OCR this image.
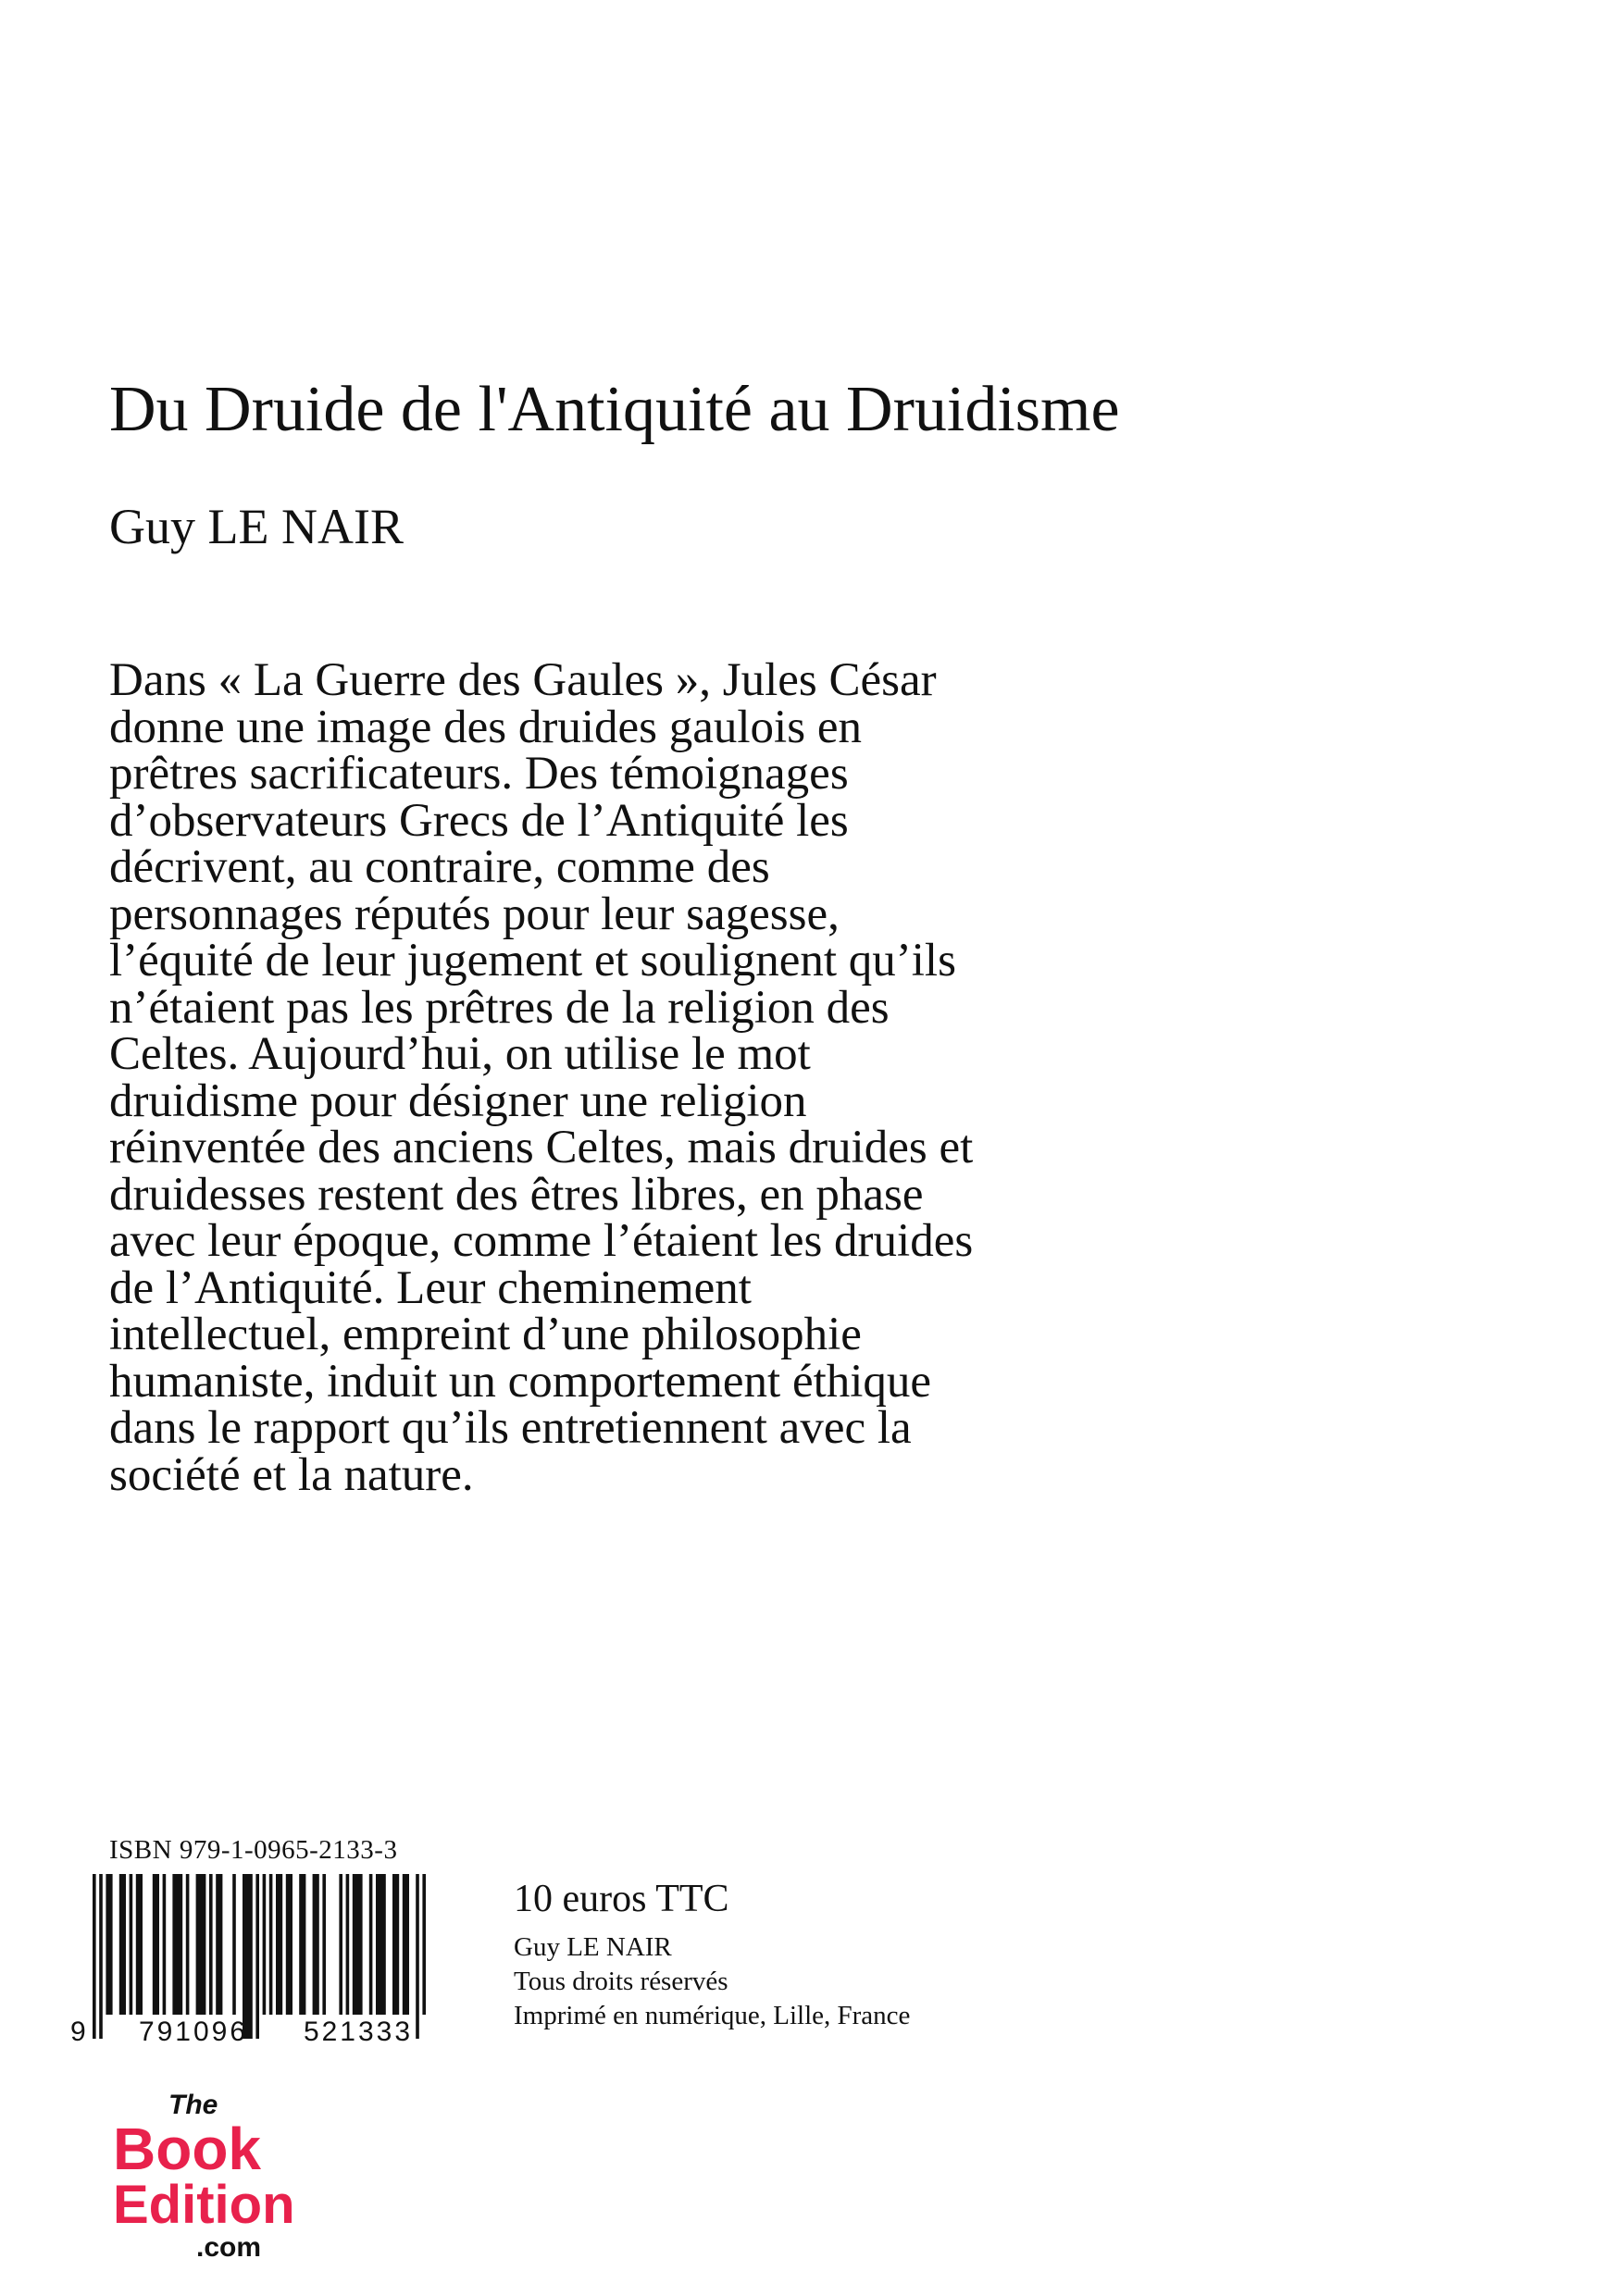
Du Druide de l'Antiquité au Druidisme
Guy LE NAIR

Dans « La Guerre des Gaules », Jules César
donne une image des druides gaulois en
prêtres sacrificateurs. Des témoignages
d’observateurs Grecs de l’Antiquité les
décrivent, au contraire, comme des
personnages réputés pour leur sagesse,
l’équité de leur jugement et soulignent qu’ils
n’étaient pas les prêtres de la religion des
Celtes. Aujourd’hui, on utilise le mot
druidisme pour désigner une religion
réinventée des anciens Celtes, mais druides et
druidesses restent des êtres libres, en phase
avec leur époque, comme l’étaient les druides
de l’Antiquité. Leur cheminement
intellectuel, empreint d’une philosophie
humaniste, induit un comportement éthique
dans le rapport qu’ils entretiennent avec la
société et la nature.

ISBN 979-1-0965-2133-3
9 791096 521333
10 euros TTC
Guy LE NAIR
Tous droits réservés
Imprimé en numérique, Lille, France
The
Book
Edition
.com
